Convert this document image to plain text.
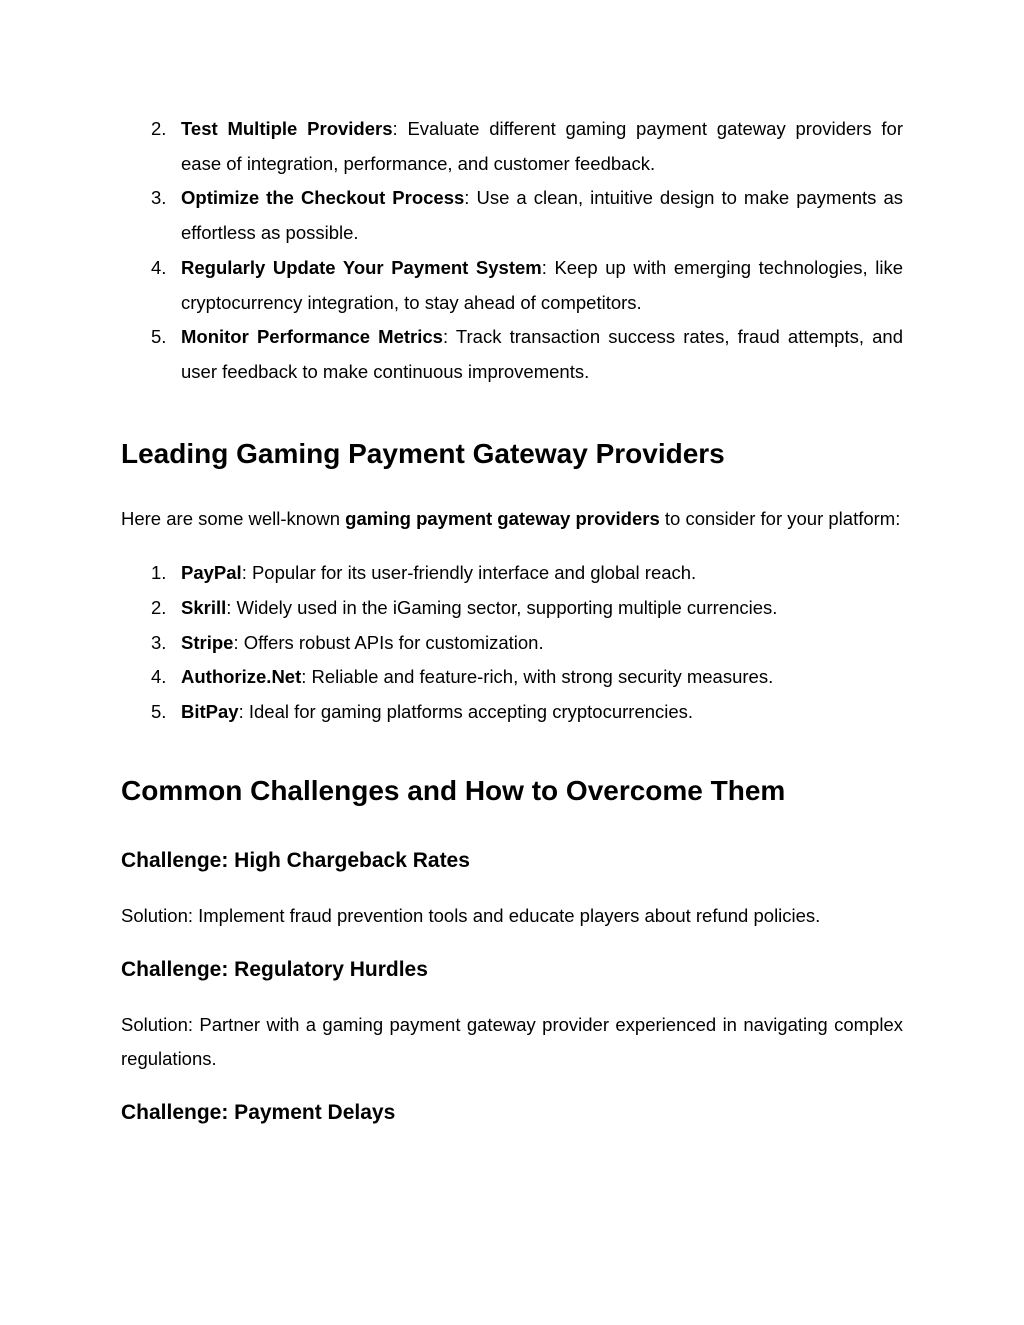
2. Test Multiple Providers: Evaluate different gaming payment gateway providers for ease of integration, performance, and customer feedback.
3. Optimize the Checkout Process: Use a clean, intuitive design to make payments as effortless as possible.
4. Regularly Update Your Payment System: Keep up with emerging technologies, like cryptocurrency integration, to stay ahead of competitors.
5. Monitor Performance Metrics: Track transaction success rates, fraud attempts, and user feedback to make continuous improvements.
Leading Gaming Payment Gateway Providers

Here are some well-known gaming payment gateway providers to consider for your platform:

1. PayPal: Popular for its user-friendly interface and global reach.
2. Skrill: Widely used in the iGaming sector, supporting multiple currencies.
3. Stripe: Offers robust APIs for customization.
4. Authorize.Net: Reliable and feature-rich, with strong security measures.
5. BitPay: Ideal for gaming platforms accepting cryptocurrencies.
Common Challenges and How to Overcome Them
Challenge: High Chargeback Rates

Solution: Implement fraud prevention tools and educate players about refund policies.

Challenge: Regulatory Hurdles

Solution: Partner with a gaming payment gateway provider experienced in navigating complex regulations.

Challenge: Payment Delays
